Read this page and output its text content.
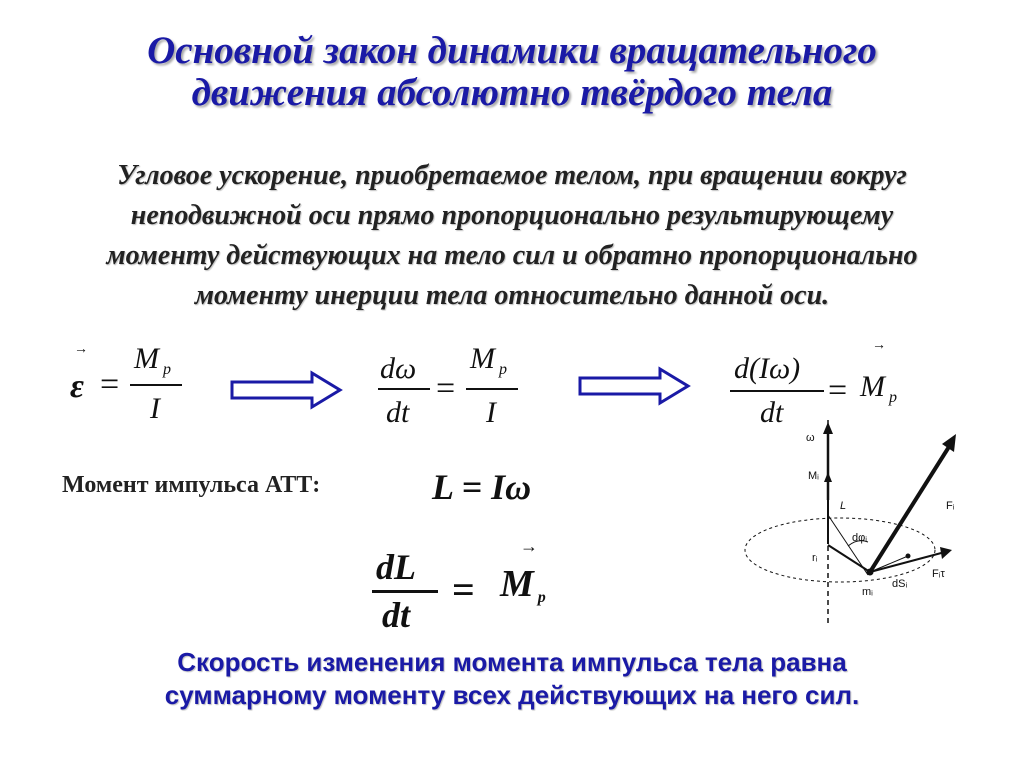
Основной закон динамики вращательного
движения абсолютно твёрдого тела
Угловое ускорение, приобретаемое телом, при вращении вокруг
неподвижной оси прямо пропорционально результирующему
моменту действующих на тело сил и обратно пропорционально
моменту инерции тела относительно данной оси.
→
ε =
M $_p$
I
dω
dt
=
M $_p$
I
d(Iω)
dt
=
→
M $_p$
Момент импульса АТТ:	L = Iω
dL
dt
=
→
M $_p$
ω
Mᵢ
L	Fᵢ
dφᵢ
rᵢ
dSᵢ
Fᵢτ
mᵢ
Скорость изменения момента импульса тела равна
суммарному моменту всех действующих на него сил.
